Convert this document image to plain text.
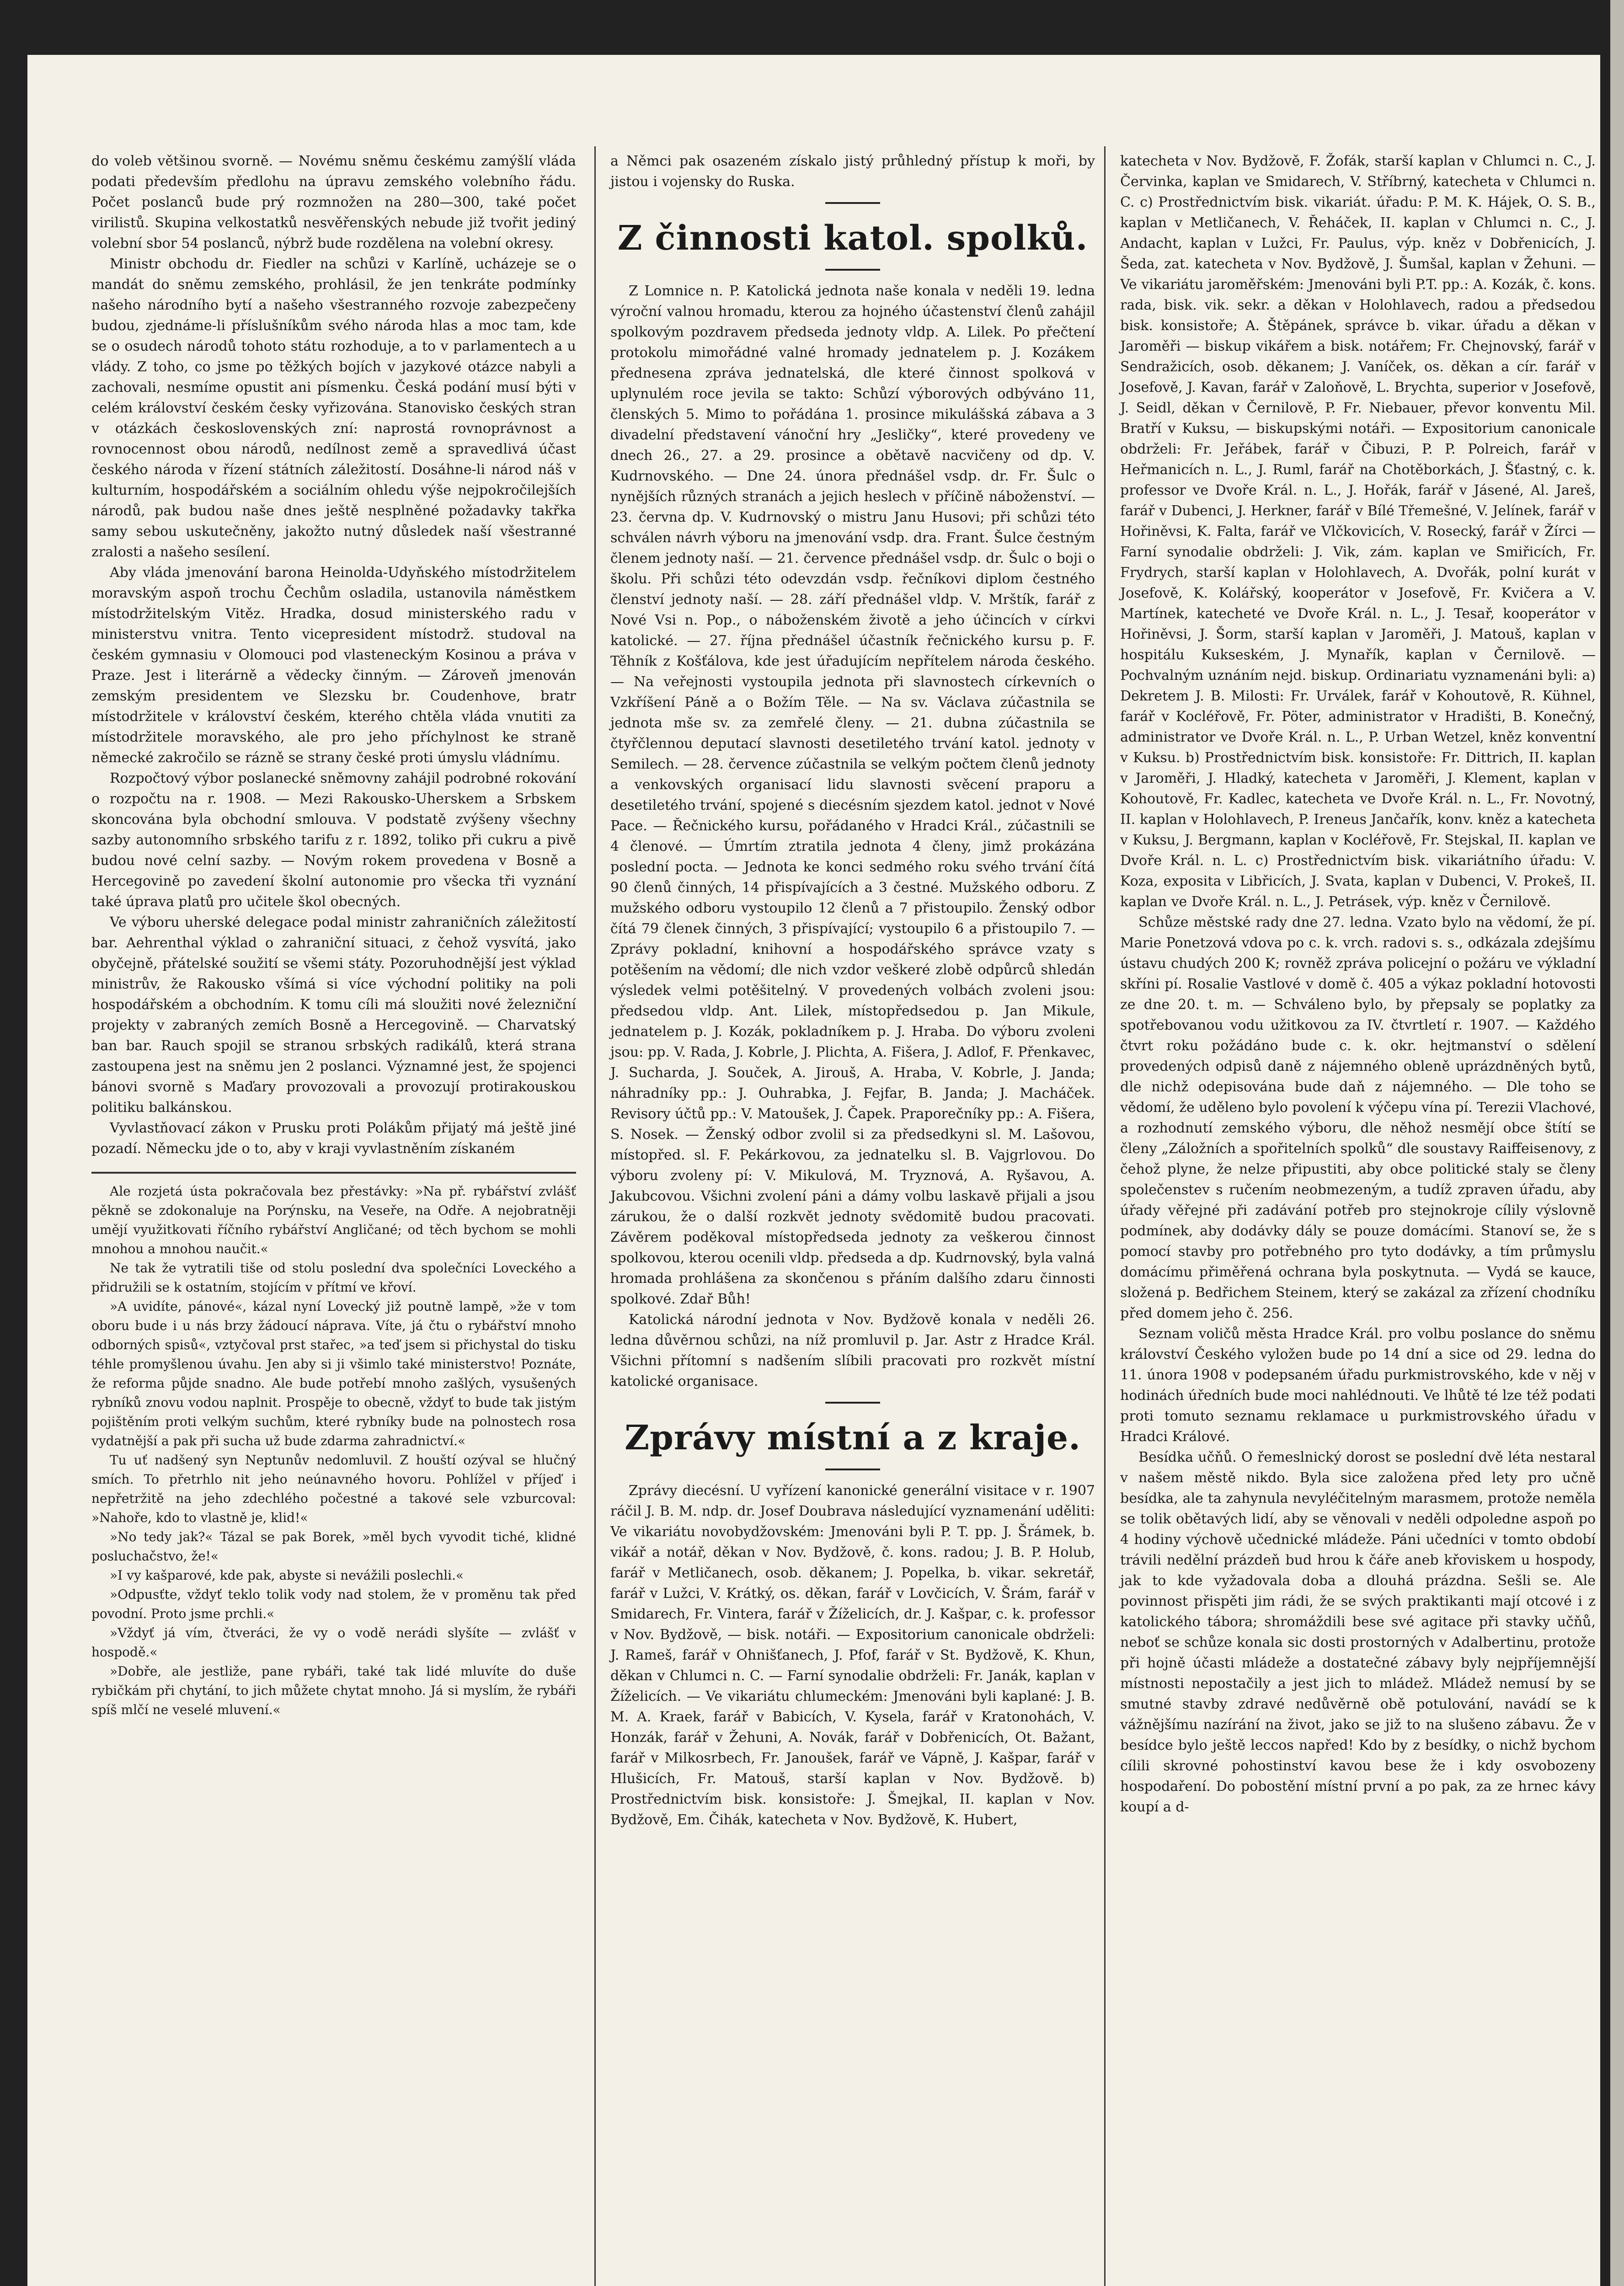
do voleb většinou svorně. — Novému sněmu českému zamýšlí vláda podati především předlohu na úpravu zemského volebního řádu. Počet poslanců bude prý rozmnožen na 280—300, také počet virilistů. Skupina velkostatků nesvěřenských nebude již tvořit jediný volební sbor 54 poslanců, nýbrž bude rozdělena na volební okresy.

Ministr obchodu dr. Fiedler na schůzi v Karlíně, ucházeje se o mandát do sněmu zemského, prohlásil, že jen tenkráte podmínky našeho národního bytí a našeho všestranného rozvoje zabezpečeny budou, zjednáme-li příslušníkům svého národa hlas a moc tam, kde se o osudech národů tohoto státu rozhoduje, a to v parlamentech a u vlády. Z toho, co jsme po těžkých bojích v jazykové otázce nabyli a zachovali, nesmíme opustit ani písmenku. Česká podání musí býti v celém království českém česky vyřizována. Stanovisko českých stran v otázkách československých zní: naprostá rovnoprávnost a rovnocennost obou národů, nedílnost země a spravedlivá účast českého národa v řízení státních záležitostí. Dosáhne-li národ náš v kulturním, hospodářském a sociálním ohledu výše nejpokročilejších národů, pak budou naše dnes ještě nesplněné požadavky takřka samy sebou uskutečněny, jakožto nutný důsledek naší všestranné zralosti a našeho sesílení.

Aby vláda jmenování barona Heinolda-Udyňského místodržitelem moravským aspoň trochu Čechům osladila, ustanovila náměstkem místodržitelským Vitěz. Hradka, dosud ministerského radu v ministerstvu vnitra. Tento vicepresident místodrž. studoval na českém gymnasiu v Olomouci pod vlasteneckým Kosinou a práva v Praze. Jest i literárně a vědecky činným. — Zároveň jmenován zemským presidentem ve Slezsku br. Coudenhove, bratr místodržitele v království českém, kterého chtěla vláda vnutiti za místodržitele moravského, ale pro jeho příchylnost ke straně německé zakročilo se rázně se strany české proti úmyslu vládnímu.

Rozpočtový výbor poslanecké sněmovny zahájil podrobné rokování o rozpočtu na r. 1908. — Mezi Rakousko-Uherskem a Srbskem skoncována byla obchodní smlouva. V podstatě zvýšeny všechny sazby autonomního srbského tarifu z r. 1892, toliko při cukru a pivě budou nové celní sazby. — Novým rokem provedena v Bosně a Hercegovině po zavedení školní autonomie pro všecka tři vyznání také úprava platů pro učitele škol obecných.

Ve výboru uherské delegace podal ministr zahraničních záležitostí bar. Aehrenthal výklad o zahraniční situaci, z čehož vysvítá, jako obyčejně, přátelské soužití se všemi státy. Pozoruhodnější jest výklad ministrův, že Rakousko všímá si více východní politiky na poli hospodářském a obchodním. K tomu cíli má sloužiti nové železniční projekty v zabraných zemích Bosně a Hercegovině. — Charvatský ban bar. Rauch spojil se stranou srbských radikálů, která strana zastoupena jest na sněmu jen 2 poslanci. Významné jest, že spojenci bánovi svorně s Maďary provozovali a provozují protirakouskou politiku balkánskou.

Vyvlastňovací zákon v Prusku proti Polákům přijatý má ještě jiné pozadí. Německu jde o to, aby v kraji vyvlastněním získaném

Ale rozjetá ústa pokračovala bez přestávky: »Na př. rybářství zvlášť pěkně se zdokonaluje na Porýnsku, na Veseře, na Odře. A nejobratněji umějí využitkovati říčního rybářství Angličané; od těch bychom se mohli mnohou a mnohou naučit.«

Ne tak že vytratili tiše od stolu poslední dva společníci Loveckého a přidružili se k ostatním, stojícím v přítmí ve křoví.

»A uvidíte, pánové«, kázal nyní Lovecký již poutně lampě, »že v tom oboru bude i u nás brzy žádoucí náprava. Víte, já čtu o rybářství mnoho odborných spisů«, vztyčoval prst stařec, »a teď jsem si přichystal do tisku téhle promyšlenou úvahu. Jen aby si ji všimlo také ministerstvo! Poznáte, že reforma půjde snadno. Ale bude potřebí mnoho zašlých, vysušených rybníků znovu vodou naplnit. Prospěje to obecně, vždyť to bude tak jistým pojištěním proti velkým suchům, které rybníky bude na polnostech rosa vydatnější a pak při sucha už bude zdarma zahradnictví.«

Tu uť nadšený syn Neptunův nedomluvil. Z houští ozýval se hlučný smích. To přetrhlo nit jeho neúnavného hovoru. Pohlížel v příjeď i nepřetržitě na jeho zdechlého počestné a takové sele vzburcoval: »Nahoře, kdo to vlastně je, klid!«

»No tedy jak?« Tázal se pak Borek, »měl bych vyvodit tiché, klidné posluchačstvo, že!«

»I vy kašparové, kde pak, abyste si nevážili poslechli.«

»Odpusťte, vždyť teklo tolik vody nad stolem, že v proměnu tak před povodní. Proto jsme prchli.«

»Vždyť já vím, čtveráci, že vy o vodě nerádi slyšíte — zvlášť v hospodě.«

»Dobře, ale jestliže, pane rybáři, také tak lidé mluvíte do duše rybičkám při chytání, to jich můžete chytat mnoho. Já si myslím, že rybáři spíš mlčí ne veselé mluvení.«

a Němci pak osazeném získalo jistý průhledný přístup k moři, by jistou i vojensky do Ruska.

Z činnosti katol. spolků.

Z Lomnice n. P. Katolická jednota naše konala v neděli 19. ledna výroční valnou hromadu, kterou za hojného účastenství členů zahájil spolkovým pozdravem předseda jednoty vldp. A. Lilek. Po přečtení protokolu mimořádné valné hromady jednatelem p. J. Kozákem přednesena zpráva jednatelská, dle které činnost spolková v uplynulém roce jevila se takto: Schůzí výborových odbýváno 11, členských 5. Mimo to pořádána 1. prosince mikulášská zábava a 3 divadelní představení vánoční hry „Jesličky“, které provedeny ve dnech 26., 27. a 29. prosince a obětavě nacvičeny od dp. V. Kudrnovského. — Dne 24. února přednášel vsdp. dr. Fr. Šulc o nynějších různých stranách a jejich heslech v příčině náboženství. — 23. června dp. V. Kudrnovský o mistru Janu Husovi; při schůzi této schválen návrh výboru na jmenování vsdp. dra. Frant. Šulce čestným členem jednoty naší. — 21. července přednášel vsdp. dr. Šulc o boji o školu. Při schůzi této odevzdán vsdp. řečníkovi diplom čestného členství jednoty naší. — 28. září přednášel vldp. V. Mrštík, farář z Nové Vsi n. Pop., o náboženském životě a jeho účincích v církvi katolické. — 27. října přednášel účastník řečnického kursu p. F. Těhník z Košťálova, kde jest úřadujícím nepřítelem národa českého. — Na veřejnosti vystoupila jednota při slavnostech církevních o Vzkříšení Páně a o Božím Těle. — Na sv. Václava zúčastnila se jednota mše sv. za zemřelé členy. — 21. dubna zúčastnila se čtyřčlennou deputací slavnosti desetiletého trvání katol. jednoty v Semilech. — 28. července zúčastnila se velkým počtem členů jednoty a venkovských organisací lidu slavnosti svěcení praporu a desetiletého trvání, spojené s diecésním sjezdem katol. jednot v Nové Pace. — Řečnického kursu, pořádaného v Hradci Král., zúčastnili se 4 členové. — Úmrtím ztratila jednota 4 členy, jimž prokázána poslední pocta. — Jednota ke konci sedmého roku svého trvání čítá 90 členů činných, 14 přispívajících a 3 čestné. Mužského odboru. Z mužského odboru vystoupilo 12 členů a 7 přistoupilo. Ženský odbor čítá 79 členek činných, 3 přispívající; vystoupilo 6 a přistoupilo 7. — Zprávy pokladní, knihovní a hospodářského správce vzaty s potěšením na vědomí; dle nich vzdor veškeré zlobě odpůrců shledán výsledek velmi potěšitelný. V provedených volbách zvoleni jsou: předsedou vldp. Ant. Lilek, místopředsedou p. Jan Mikule, jednatelem p. J. Kozák, pokladníkem p. J. Hraba. Do výboru zvoleni jsou: pp. V. Rada, J. Kobrle, J. Plichta, A. Fišera, J. Adlof, F. Přenkavec, J. Suchardа, J. Souček, A. Jirouš, A. Hraba, V. Kobrle, J. Janda; náhradníky pp.: J. Ouhrabka, J. Fejfar, B. Janda; J. Macháček. Revisory účtů pp.: V. Matoušek, J. Čapek. Praporečníky pp.: A. Fišera, S. Nosek. — Ženský odbor zvolil si za předsedkyni sl. M. Lašovou, místopřed. sl. F. Pekárkovou, za jednatelku sl. B. Vajgrlovou. Do výboru zvoleny pí: V. Mikulová, M. Tryznová, A. Ryšavou, A. Jakubcovou. Všichni zvolení páni a dámy volbu laskavě přijali a jsou zárukou, že o další rozkvět jednoty svědomitě budou pracovati. Závěrem poděkoval místopředseda jednoty za veškerou činnost spolkovou, kterou ocenili vldp. předseda a dp. Kudrnovský, byla valná hromada prohlášena za skončenou s přáním dalšího zdaru činnosti spolkové. Zdař Bůh!

Katolická národní jednota v Nov. Bydžově konala v neděli 26. ledna důvěrnou schůzi, na níž promluvil p. Jar. Astr z Hradce Král. Všichni přítomní s nadšením slíbili pracovati pro rozkvět místní katolické organisace.

Zprávy místní a z kraje.

Zprávy diecésní. U vyřízení kanonické generální visitace v r. 1907 ráčil J. B. M. ndp. dr. Josef Doubrava následující vyznamenání uděliti: Ve vikariátu novobydžovském: Jmenováni byli P. T. pp. J. Šrámek, b. vikář a notář, děkan v Nov. Bydžově, č. kons. radou; J. B. P. Holub, farář v Metličanech, osob. děkanem; J. Popelka, b. vikar. sekretář, farář v Lužci, V. Krátký, os. děkan, farář v Lovčicích, V. Šrám, farář v Smidarech, Fr. Vintera, farář v Žíželicích, dr. J. Kašpar, c. k. professor v Nov. Bydžově, — bisk. notáři. — Expositorium canonicale obdrželi: J. Rameš, farář v Ohnišťanech, J. Pfof, farář v St. Bydžově, K. Khun, děkan v Chlumci n. C. — Farní synodalie obdrželi: Fr. Janák, kaplan v Žíželicích. — Ve vikariátu chlumeckém: Jmenováni byli kaplané: J. B. M. A. Kraek, farář v Babicích, V. Kysela, farář v Kratonohách, V. Honzák, farář v Žehuni, A. Novák, farář v Dobřenicích, Ot. Bažant, farář v Milkosrbech, Fr. Janoušek, farář ve Vápně, J. Kašpar, farář v Hlušicích, Fr. Matouš, starší kaplan v Nov. Bydžově. b) Prostřednictvím bisk. konsistoře: J. Šmejkal, II. kaplan v Nov. Bydžově, Em. Čihák, katecheta v Nov. Bydžově, K. Hubert,

katecheta v Nov. Bydžově, F. Žofák, starší kaplan v Chlumci n. C., J. Červinka, kaplan ve Smidarech, V. Stříbrný, katecheta v Chlumci n. C. c) Prostřednictvím bisk. vikariát. úřadu: P. M. K. Hájek, O. S. B., kaplan v Metličanech, V. Řeháček, II. kaplan v Chlumci n. C., J. Andacht, kaplan v Lužci, Fr. Paulus, výp. kněz v Dobřenicích, J. Šeda, zat. katecheta v Nov. Bydžově, J. Šumšal, kaplan v Žehuni. — Ve vikariátu jaroměřském: Jmenováni byli P.T. pp.: A. Kozák, č. kons. rada, bisk. vik. sekr. a děkan v Holohlavech, radou a předsedou bisk. konsistoře; A. Štěpánek, správce b. vikar. úřadu a děkan v Jaroměři — biskup vikářem a bisk. notářem; Fr. Chejnovský, farář v Sendražicích, osob. děkanem; J. Vaníček, os. děkan a cír. farář v Josefově, J. Kavan, farář v Zaloňově, L. Brychta, superior v Josefově, J. Seidl, děkan v Černilově, P. Fr. Niebauer, převor konventu Mil. Bratří v Kuksu, — biskupskými notáři. — Expositorium canonicale obdrželi: Fr. Jeřábek, farář v Čibuzi, P. P. Polreich, farář v Heřmanicích n. L., J. Ruml, farář na Chotěborkách, J. Šťastný, c. k. professor ve Dvoře Král. n. L., J. Hořák, farář v Jásené, Al. Jareš, farář v Dubenci, J. Herkner, farář v Bílé Třemešné, V. Jelínek, farář v Hořiněvsi, K. Falta, farář ve Vlčkovicích, V. Rosecký, farář v Žírci — Farní synodalie obdrželi: J. Vik, zám. kaplan ve Smiřicích, Fr. Frydrych, starší kaplan v Holohlavech, A. Dvořák, polní kurát v Josefově, K. Kolářský, kooperátor v Josefově, Fr. Kvičera a V. Martínek, katecheté ve Dvoře Král. n. L., J. Tesař, kooperátor v Hořiněvsi, J. Šorm, starší kaplan v Jaroměři, J. Matouš, kaplan v hospitálu Kukseském, J. Mynařík, kaplan v Černilově. — Pochvalným uznáním nejd. biskup. Ordinariatu vyznamenáni byli: a) Dekretem J. B. Milosti: Fr. Urválek, farář v Kohoutově, R. Kühnel, farář v Kocléřově, Fr. Pöter, administrator v Hradišti, B. Konečný, administrator ve Dvoře Král. n. L., P. Urban Wetzel, kněz konventní v Kuksu. b) Prostřednictvím bisk. konsistoře: Fr. Dittrich, II. kaplan v Jaroměři, J. Hladký, katecheta v Jaroměři, J. Klement, kaplan v Kohoutově, Fr. Kadlec, katecheta ve Dvoře Král. n. L., Fr. Novotný, II. kaplan v Holohlavech, P. Ireneus Jančařík, konv. kněz a katecheta v Kuksu, J. Bergmann, kaplan v Kocléřově, Fr. Stejskal, II. kaplan ve Dvoře Král. n. L. c) Prostřednictvím bisk. vikariátního úřadu: V. Koza, exposita v Libřicích, J. Svata, kaplan v Dubenci, V. Prokeš, II. kaplan ve Dvoře Král. n. L., J. Petrásek, výp. kněz v Černilově.

Schůze městské rady dne 27. ledna. Vzato bylo na vědomí, že pí. Marie Ponetzová vdova po c. k. vrch. radovi s. s., odkázala zdejšímu ústavu chudých 200 K; rovněž zpráva policejní o požáru ve výkladní skříni pí. Rosalie Vastlové v domě č. 405 a výkaz pokladní hotovosti ze dne 20. t. m. — Schváleno bylo, by přepsaly se poplatky za spotřebovanou vodu užitkovou za IV. čtvrtletí r. 1907. — Každého čtvrt roku požádáno bude c. k. okr. hejtmanství o sdělení provedených odpisů daně z nájemného obleně uprázdněných bytů, dle nichž odepisována bude daň z nájemného. — Dle toho se vědomí, že uděleno bylo povolení k výčepu vína pí. Terezii Vlachové, a rozhodnutí zemského výboru, dle něhož nesmějí obce štítí se členy „Záložních a spořitelních spolků“ dle soustavy Raiffeisenovy, z čehož plyne, že nelze připustiti, aby obce politické staly se členy společenstev s ručením neobmezeným, a tudíž zpraven úřadu, aby úřady věřejné při zadávání potřeb pro stejnokroje cílily výslovně podmínek, aby dodávky dály se pouze domácími. Stanoví se, že s pomocí stavby pro potřebného pro tyto dodávky, a tím průmyslu domácímu přiměřená ochrana byla poskytnuta. — Vydá se kauce, složená p. Bedřichem Steinem, který se zakázal za zřízení chodníku před domem jeho č. 256.

Seznam voličů města Hradce Král. pro volbu poslance do sněmu království Českého vyložen bude po 14 dní a sice od 29. ledna do 11. února 1908 v podepsaném úřadu purkmistrovského, kde v něj v hodinách úředních bude moci nahlédnouti. Ve lhůtě té lze též podati proti tomuto seznamu reklamace u purkmistrovského úřadu v Hradci Králové.

Besídka učňů. O řemeslnický dorost se poslední dvě léta nestaral v našem městě nikdo. Byla sice založena před lety pro učně besídka, ale ta zahynula nevyléčitelným marasmem, protože neměla se tolik obětavých lidí, aby se věnovali v neděli odpoledne aspoň po 4 hodiny výchově učednické mládeže. Páni učedníci v tomto období trávili nedělní prázdeň bud hrou k čáře aneb křoviskem u hospody, jak to kde vyžadovala doba a dlouhá prázdna. Sešli se. Ale povinnost přispěti jim rádi, že se svých praktikanti mají otcové i z katolického tábora; shromáždili bese své agitace při stavky učňů, neboť se schůze konala sic dosti prostorných v Adalbertinu, protože při hojně účasti mládeže a dostatečné zábavy byly nejpříjemnější místnosti nepostačily a jest jich to mládež. Mládež nemusí by se smutné stavby zdravé nedůvěrně obě potulování, navádí se k vážnějšímu nazírání na život, jako se již to na slušeno zábavu. Že v besídce bylo ještě leccos napřed! Kdo by z besídky, o nichž bychom cílili skrovné pohostinství kavou bese že i kdy osvobozeny hospodaření. Do pobostění místní první a po pak, za ze hrnec kávy koupí a d-
